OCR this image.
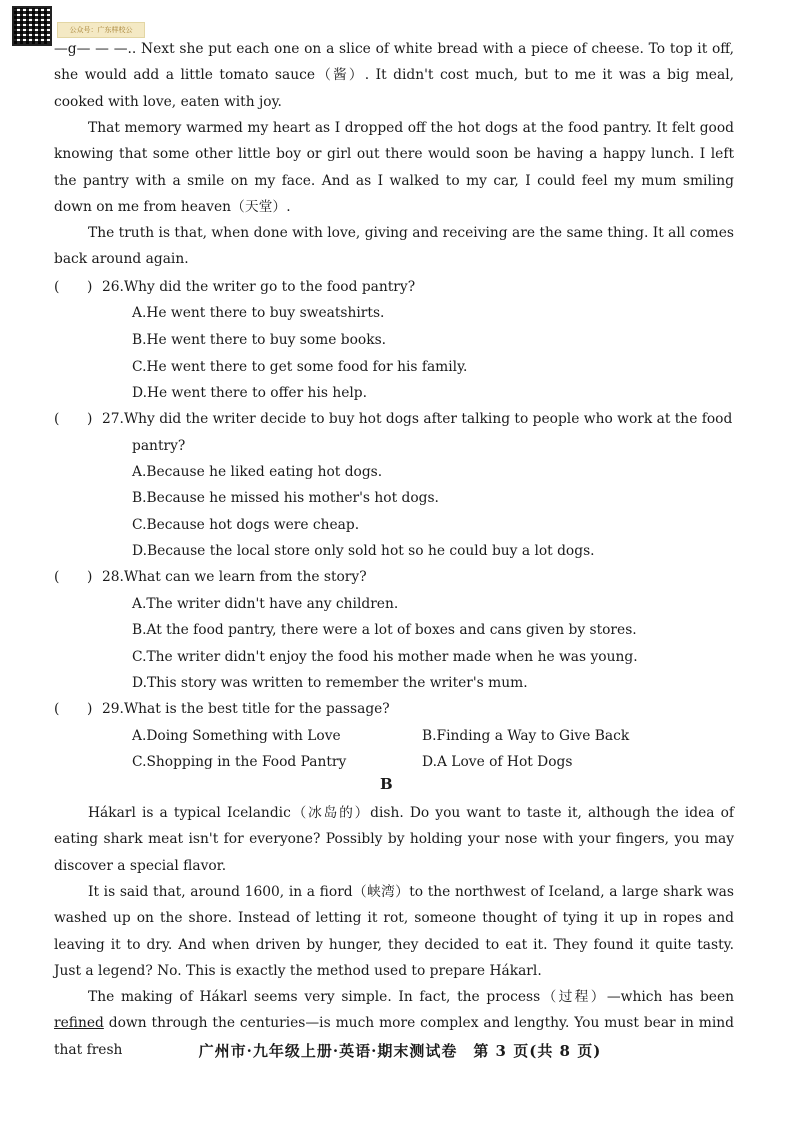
公众号：广东样校公
—g— — —.. Next she put each one on a slice of white bread with a piece of cheese. To top it off, she would add a little tomato sauce（酱）. It didn't cost much, but to me it was a big meal, cooked with love, eaten with joy.
That memory warmed my heart as I dropped off the hot dogs at the food pantry. It felt good knowing that some other little boy or girl out there would soon be having a happy lunch. I left the pantry with a smile on my face. And as I walked to my car, I could feel my mum smiling down on me from heaven（天堂）.
The truth is that, when done with love, giving and receiving are the same thing. It all comes back around again.
(　　) 26.Why did the writer go to the food pantry?
A.He went there to buy sweatshirts.
B.He went there to buy some books.
C.He went there to get some food for his family.
D.He went there to offer his help.
(　　) 27.Why did the writer decide to buy hot dogs after talking to people who work at the food
pantry?
A.Because he liked eating hot dogs.
B.Because he missed his mother's hot dogs.
C.Because hot dogs were cheap.
D.Because the local store only sold hot so he could buy a lot dogs.
(　　) 28.What can we learn from the story?
A.The writer didn't have any children.
B.At the food pantry, there were a lot of boxes and cans given by stores.
C.The writer didn't enjoy the food his mother made when he was young.
D.This story was written to remember the writer's mum.
(　　) 29.What is the best title for the passage?
A.Doing Something with Love	B.Finding a Way to Give Back
C.Shopping in the Food Pantry	D.A Love of Hot Dogs
B
Hákarl is a typical Icelandic（冰岛的）dish. Do you want to taste it, although the idea of eating shark meat isn't for everyone? Possibly by holding your nose with your fingers, you may discover a special flavor.
It is said that, around 1600, in a fiord（峡湾）to the northwest of Iceland, a large shark was washed up on the shore. Instead of letting it rot, someone thought of tying it up in ropes and leaving it to dry. And when driven by hunger, they decided to eat it. They found it quite tasty. Just a legend? No. This is exactly the method used to prepare Hákarl.
The making of Hákarl seems very simple. In fact, the process（过程）—which has been refined down through the centuries—is much more complex and lengthy. You must bear in mind that fresh	广州市·九年级上册·英语·期末测试卷　第 3 页(共 8 页)
